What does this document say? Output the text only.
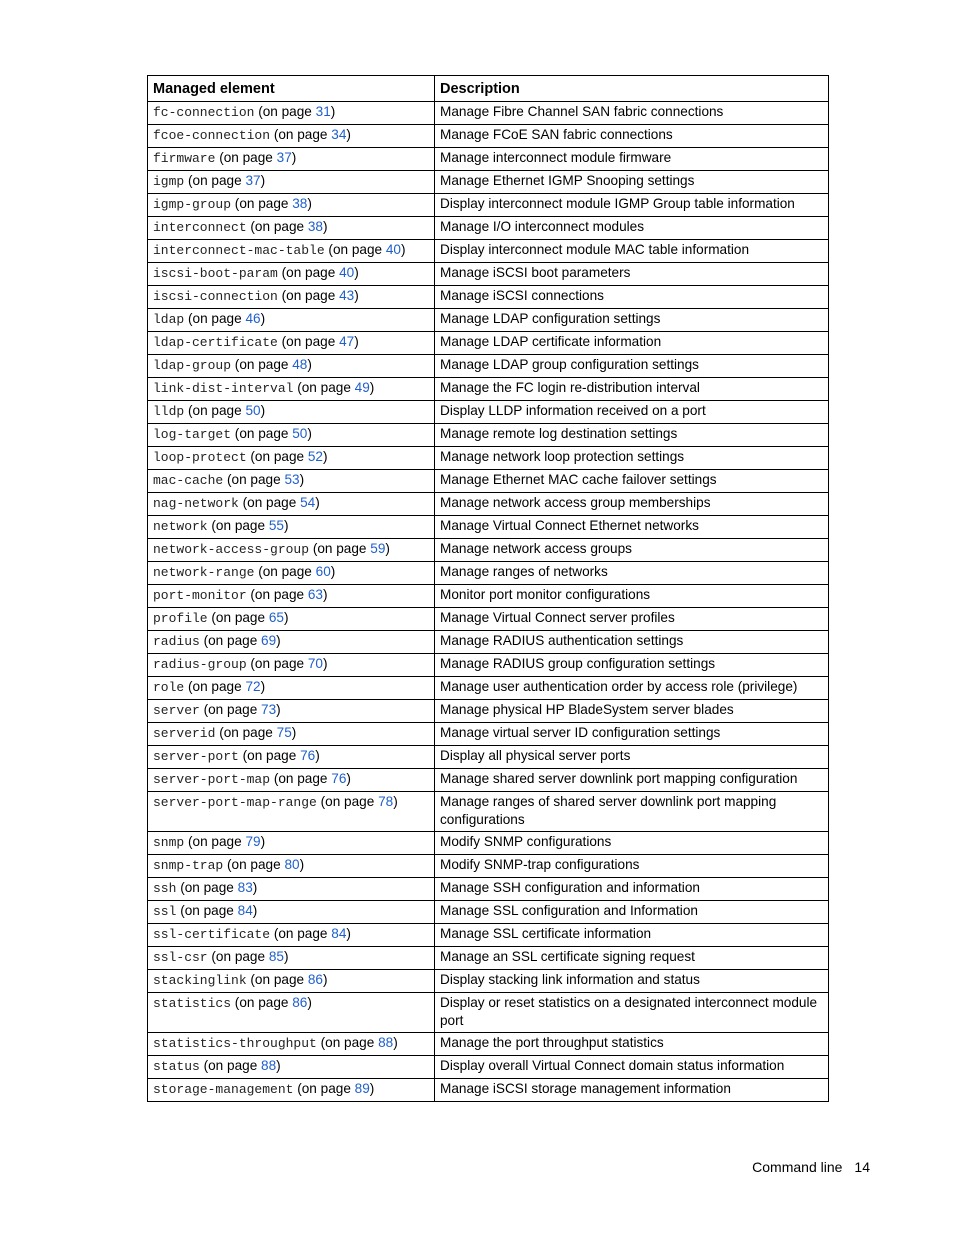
Managed element	Description
fc-connection (on page 31)	Manage Fibre Channel SAN fabric connections
fcoe-connection (on page 34)	Manage FCoE SAN fabric connections
firmware (on page 37)	Manage interconnect module firmware
igmp (on page 37)	Manage Ethernet IGMP Snooping settings
igmp-group (on page 38)	Display interconnect module IGMP Group table information
interconnect (on page 38)	Manage I/O interconnect modules
interconnect-mac-table (on page 40)	Display interconnect module MAC table information
iscsi-boot-param (on page 40)	Manage iSCSI boot parameters
iscsi-connection (on page 43)	Manage iSCSI connections
ldap (on page 46)	Manage LDAP configuration settings
ldap-certificate (on page 47)	Manage LDAP certificate information
ldap-group (on page 48)	Manage LDAP group configuration settings
link-dist-interval (on page 49)	Manage the FC login re-distribution interval
lldp (on page 50)	Display LLDP information received on a port
log-target (on page 50)	Manage remote log destination settings
loop-protect (on page 52)	Manage network loop protection settings
mac-cache (on page 53)	Manage Ethernet MAC cache failover settings
nag-network (on page 54)	Manage network access group memberships
network (on page 55)	Manage Virtual Connect Ethernet networks
network-access-group (on page 59)	Manage network access groups
network-range (on page 60)	Manage ranges of networks
port-monitor (on page 63)	Monitor port monitor configurations
profile (on page 65)	Manage Virtual Connect server profiles
radius (on page 69)	Manage RADIUS authentication settings
radius-group (on page 70)	Manage RADIUS group configuration settings
role (on page 72)	Manage user authentication order by access role (privilege)
server (on page 73)	Manage physical HP BladeSystem server blades
serverid (on page 75)	Manage virtual server ID configuration settings
server-port (on page 76)	Display all physical server ports
server-port-map (on page 76)	Manage shared server downlink port mapping configuration
server-port-map-range (on page 78)	Manage ranges of shared server downlink port mapping configurations
snmp (on page 79)	Modify SNMP configurations
snmp-trap (on page 80)	Modify SNMP-trap configurations
ssh (on page 83)	Manage SSH configuration and information
ssl (on page 84)	Manage SSL configuration and Information
ssl-certificate (on page 84)	Manage SSL certificate information
ssl-csr (on page 85)	Manage an SSL certificate signing request
stackinglink (on page 86)	Display stacking link information and status
statistics (on page 86)	Display or reset statistics on a designated interconnect module port
statistics-throughput (on page 88)	Manage the port throughput statistics
status (on page 88)	Display overall Virtual Connect domain status information
storage-management (on page 89)	Manage iSCSI storage management information
Command line 14
